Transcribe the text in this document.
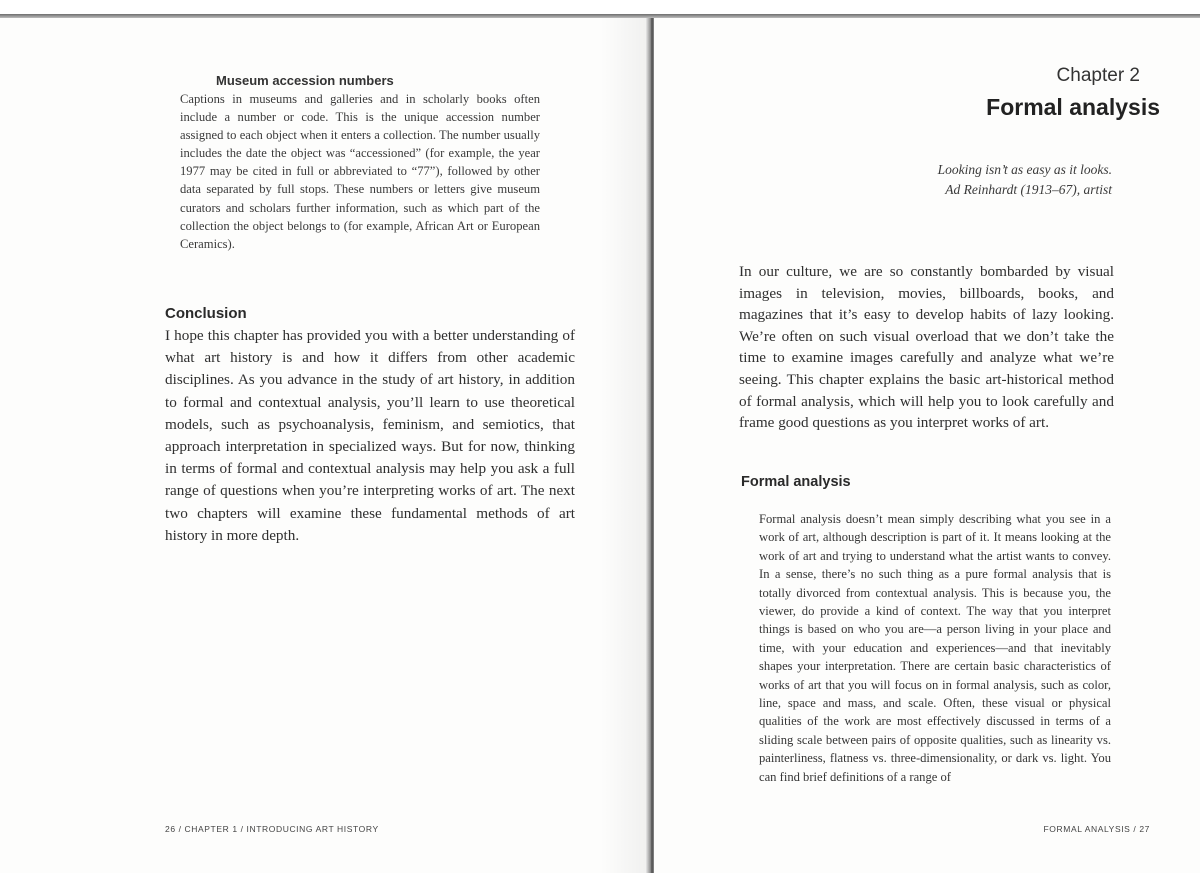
Museum accession numbers

Captions in museums and galleries and in scholarly books often include a number or code. This is the unique accession number assigned to each object when it enters a collection. The number usually includes the date the object was “accessioned” (for example, the year 1977 may be cited in full or abbreviated to “77”), followed by other data separated by full stops. These numbers or letters give museum curators and scholars further information, such as which part of the collection the object belongs to (for example, African Art or European Ceramics).

Conclusion

I hope this chapter has provided you with a better understanding of what art history is and how it differs from other academic disciplines. As you advance in the study of art history, in addition to formal and contextual analysis, you’ll learn to use theoretical models, such as psychoanalysis, feminism, and semiotics, that approach interpretation in specialized ways. But for now, thinking in terms of formal and contextual analysis may help you ask a full range of questions when you’re interpreting works of art. The next two chapters will examine these fundamental methods of art history in more depth.

26 / CHAPTER 1 / INTRODUCING ART HISTORY
Chapter 2
Formal analysis
Looking isn’t as easy as it looks.
Ad Reinhardt (1913–67), artist

In our culture, we are so constantly bombarded by visual images in television, movies, billboards, books, and magazines that it’s easy to develop habits of lazy looking. We’re often on such visual overload that we don’t take the time to examine images carefully and analyze what we’re seeing. This chapter explains the basic art-historical method of formal analysis, which will help you to look carefully and frame good questions as you interpret works of art.

Formal analysis

Formal analysis doesn’t mean simply describing what you see in a work of art, although description is part of it. It means looking at the work of art and trying to understand what the artist wants to convey. In a sense, there’s no such thing as a pure formal analysis that is totally divorced from contextual analysis. This is because you, the viewer, do provide a kind of context. The way that you interpret things is based on who you are—a person living in your place and time, with your education and experiences—and that inevitably shapes your interpretation. There are certain basic characteristics of works of art that you will focus on in formal analysis, such as color, line, space and mass, and scale. Often, these visual or physical qualities of the work are most effectively discussed in terms of a sliding scale between pairs of opposite qualities, such as linearity vs. painterliness, flatness vs. three-dimensionality, or dark vs. light. You can find brief definitions of a range of

FORMAL ANALYSIS / 27
